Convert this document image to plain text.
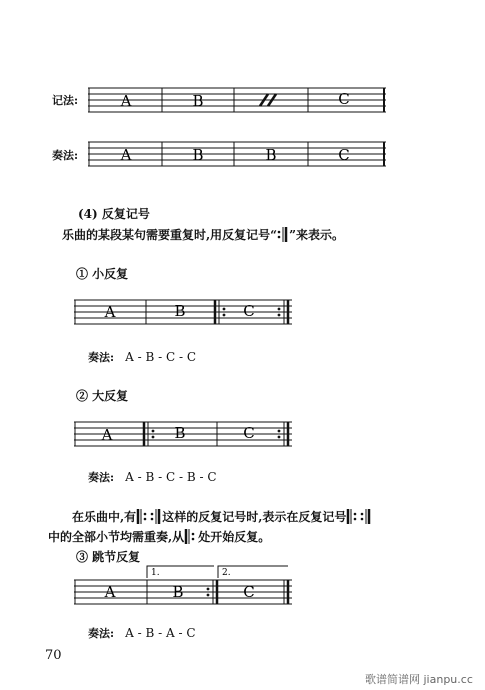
记法:	A	B	C
奏法:	A	B	B	C
(4) 反复记号
乐曲的某段某句需要重复时,用反复记号“ ”来表示。
① 小反复
A	B	C
奏法: A - B - C - C
② 大反复
A	B	C
奏法: A - B - C - B - C
在乐曲中,有 这样的反复记号时,表示在反复记号
中的全部小节均需重奏,从 处开始反复。
③ 跳节反复
1.	2.
A	B	C
奏法: A - B - A - C
70
歌谱简谱网 jianpu.cc
